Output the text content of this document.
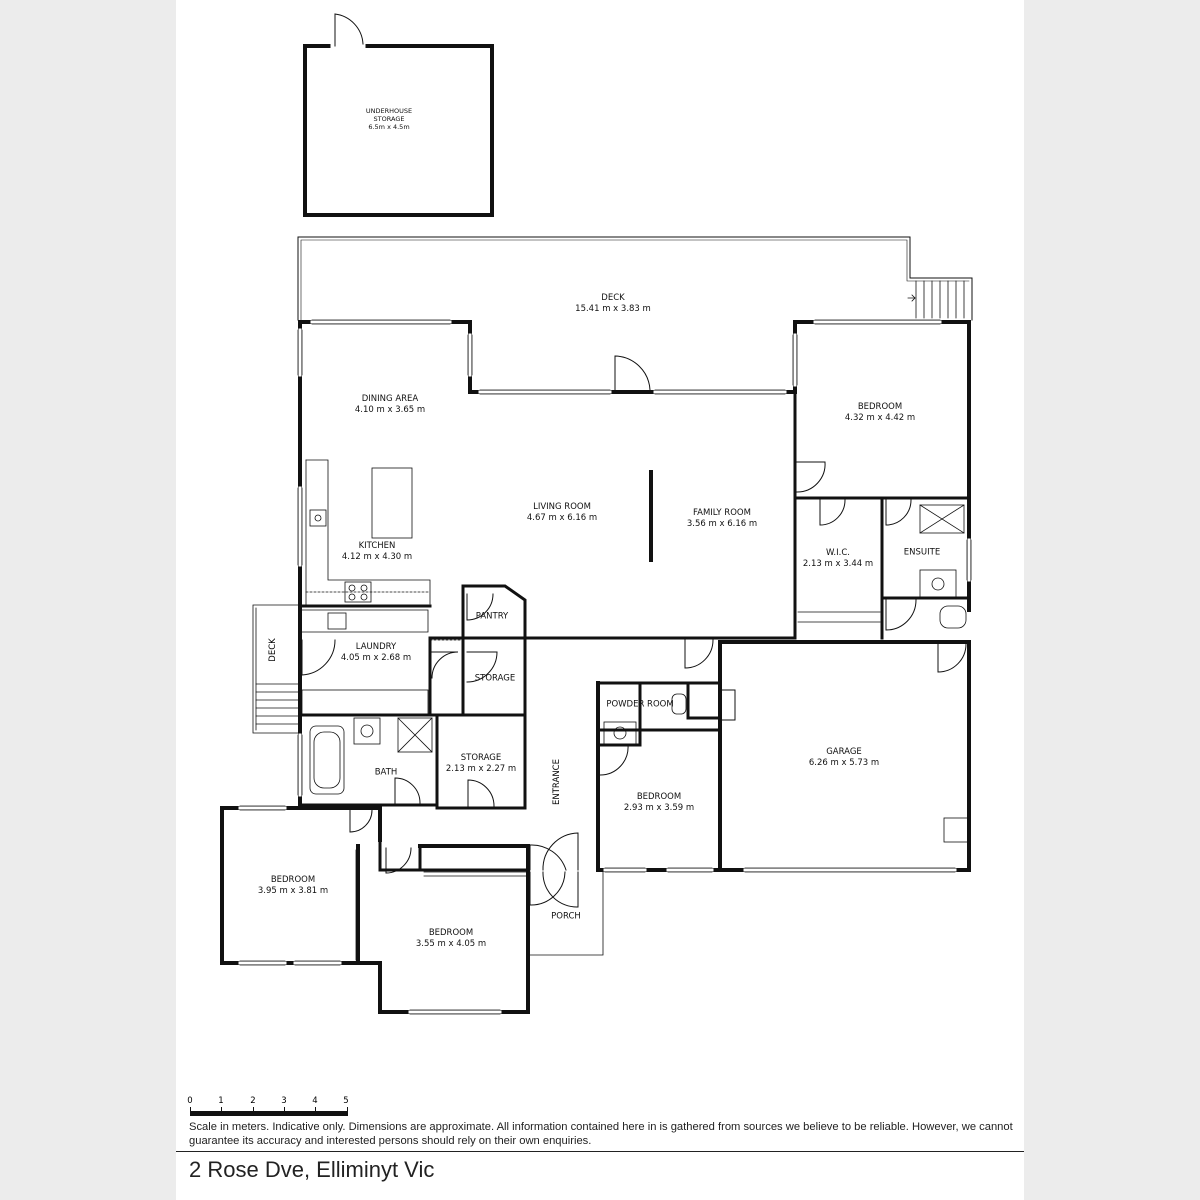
UNDERHOUSE
STORAGE
6.5m x 4.5m
DECK
15.41 m x 3.83 m
DINING AREA
4.10 m x 3.65 m	BEDROOM
4.32 m x 4.42 m
LIVING ROOM
4.67 m x 6.16 m	FAMILY ROOM
3.56 m x 6.16 m
KITCHEN
4.12 m x 4.30 m	W.I.C.
2.13 m x 3.44 m
ENSUITE
PANTRY
LAUNDRY
4.05 m x 2.68 m
DECK
STORAGE
POWDER ROOM
STORAGE
2.13 m x 2.27 m
BATH
GARAGE
6.26 m x 5.73 m
ENTRANCE	BEDROOM
2.93 m x 3.59 m
BEDROOM
3.95 m x 3.81 m
PORCH
BEDROOM
3.55 m x 4.05 m
0	1	2	3	4	5
Scale in meters. Indicative only. Dimensions are approximate. All information contained here in is gathered from sources we believe to be reliable. However, we cannot guarantee its accuracy and interested persons should rely on their own enquiries.
2 Rose Dve, Elliminyt Vic
